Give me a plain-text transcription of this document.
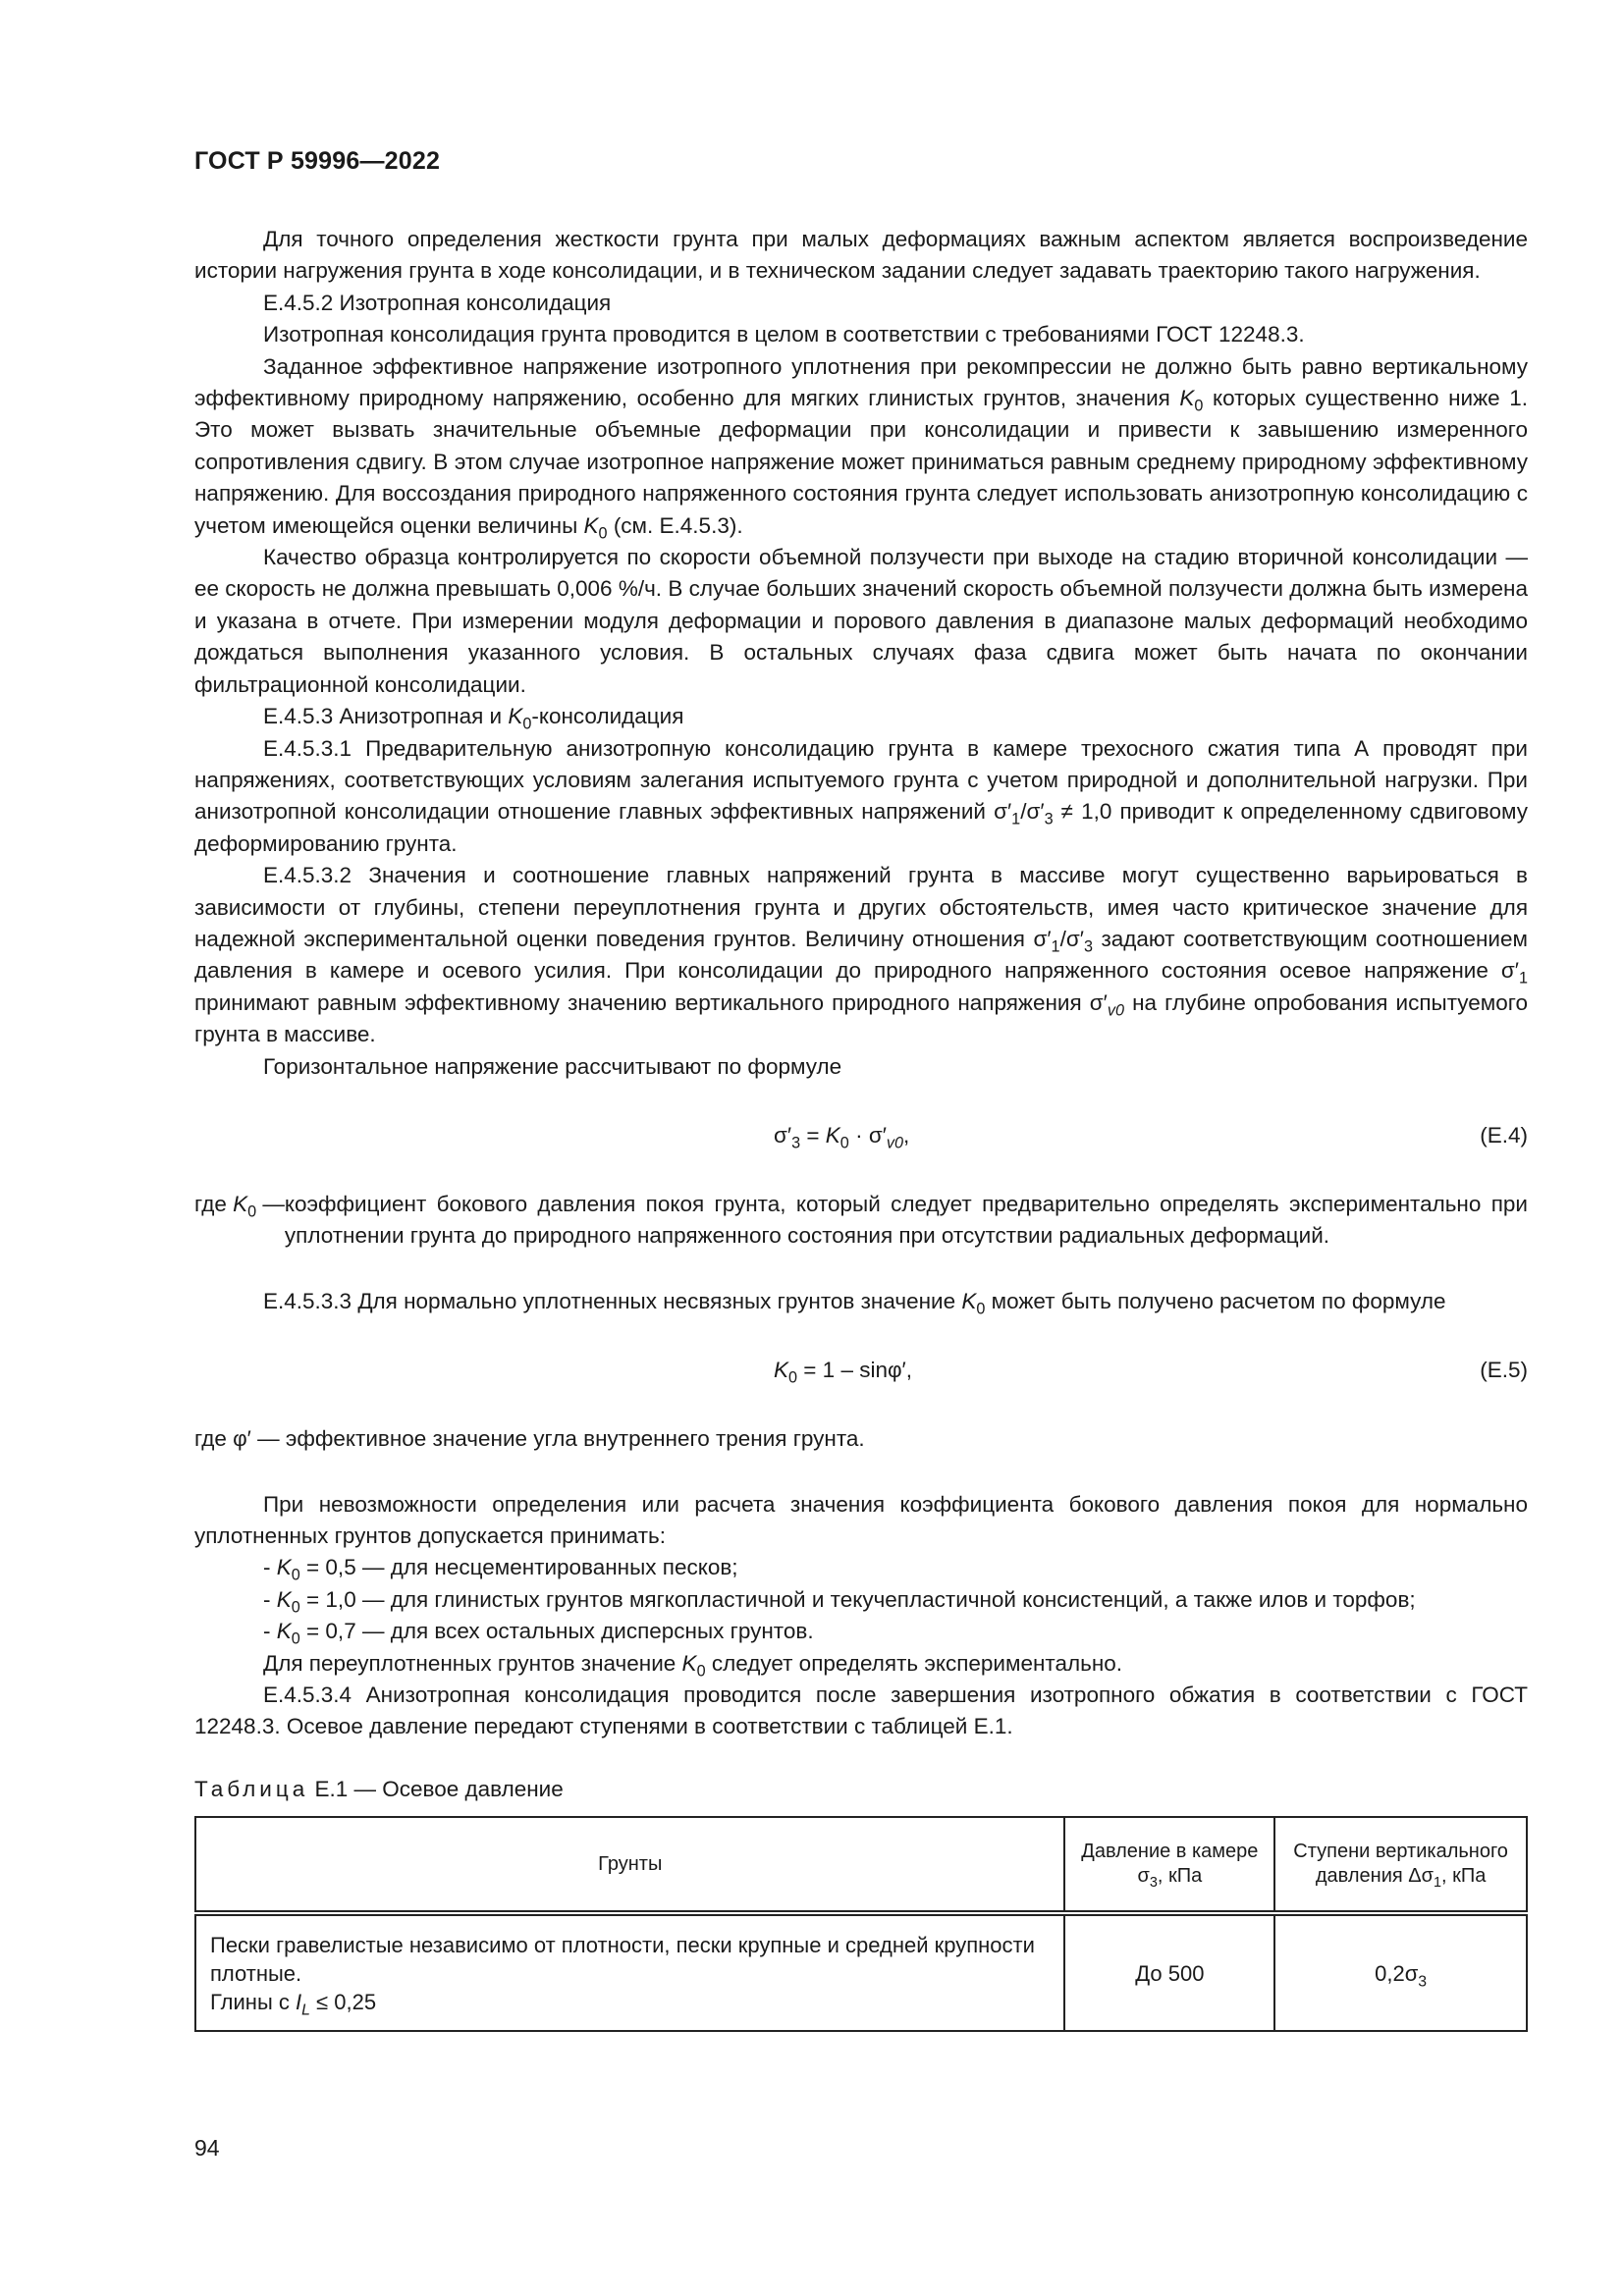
ГОСТ Р 59996—2022

Для точного определения жесткости грунта при малых деформациях важным аспектом является воспроизведение истории нагружения грунта в ходе консолидации, и в техническом задании следует задавать траекторию такого нагружения.

Е.4.5.2 Изотропная консолидация

Изотропная консолидация грунта проводится в целом в соответствии с требованиями ГОСТ 12248.3.

Заданное эффективное напряжение изотропного уплотнения при рекомпрессии не должно быть равно вертикальному эффективному природному напряжению, особенно для мягких глинистых грунтов, значения $K_0$ которых существенно ниже 1. Это может вызвать значительные объемные деформации при консолидации и привести к завышению измеренного сопротивления сдвигу. В этом случае изотропное напряжение может приниматься равным среднему природному эффективному напряжению. Для воссоздания природного напряженного состояния грунта следует использовать анизотропную консолидацию с учетом имеющейся оценки величины $K_0$ (см. Е.4.5.3).

Качество образца контролируется по скорости объемной ползучести при выходе на стадию вторичной консолидации — ее скорость не должна превышать 0,006 %/ч. В случае больших значений скорость объемной ползучести должна быть измерена и указана в отчете. При измерении модуля деформации и порового давления в диапазоне малых деформаций необходимо дождаться выполнения указанного условия. В остальных случаях фаза сдвига может быть начата по окончании фильтрационной консолидации.

Е.4.5.3 Анизотропная и $K_0$-консолидация

Е.4.5.3.1 Предварительную анизотропную консолидацию грунта в камере трехосного сжатия типа А проводят при напряжениях, соответствующих условиям залегания испытуемого грунта с учетом природной и дополнительной нагрузки. При анизотропной консолидации отношение главных эффективных напряжений $\sigma'_1/\sigma'_3 \ne 1,0$ приводит к определенному сдвиговому деформированию грунта.

Е.4.5.3.2 Значения и соотношение главных напряжений грунта в массиве могут существенно варьироваться в зависимости от глубины, степени переуплотнения грунта и других обстоятельств, имея часто критическое значение для надежной экспериментальной оценки поведения грунтов. Величину отношения $\sigma'_1/\sigma'_3$ задают соответствующим соотношением давления в камере и осевого усилия. При консолидации до природного напряженного состояния осевое напряжение $\sigma'_1$ принимают равным эффективному значению вертикального природного напряжения $\sigma'_{v0}$ на глубине опробования испытуемого грунта в массиве.

Горизонтальное напряжение рассчитывают по формуле

$\sigma'_3 = K_0 \cdot \sigma'_{v0}$,	(Е.4)
где $K_0$ — коэффициент бокового давления покоя грунта, который следует предварительно определять экспериментально при уплотнении грунта до природного напряженного состояния при отсутствии радиальных деформаций.

Е.4.5.3.3 Для нормально уплотненных несвязных грунтов значение $K_0$ может быть получено расчетом по формуле

$K_0 = 1 - \sin\varphi'$,	(Е.5)

где φ′ — эффективное значение угла внутреннего трения грунта.

При невозможности определения или расчета значения коэффициента бокового давления покоя для нормально уплотненных грунтов допускается принимать:

- $K_0 = 0,5$ — для несцементированных песков;

- $K_0 = 1,0$ — для глинистых грунтов мягкопластичной и текучепластичной консистенций, а также илов и торфов;

- $K_0 = 0,7$ — для всех остальных дисперсных грунтов.

Для переуплотненных грунтов значение $K_0$ следует определять экспериментально.

Е.4.5.3.4 Анизотропная консолидация проводится после завершения изотропного обжатия в соответствии с ГОСТ 12248.3. Осевое давление передают ступенями в соответствии с таблицей Е.1.

Таблица Е.1 — Осевое давление
Грунты	Давление в камере $\sigma_3$, кПа	Ступени вертикального давления $\Delta\sigma_1$, кПа
Пески гравелистые независимо от плотности, пески крупные и средней крупности плотные.
Глины с $I_L \le 0,25$	До 500	$0,2\sigma_3$
94
